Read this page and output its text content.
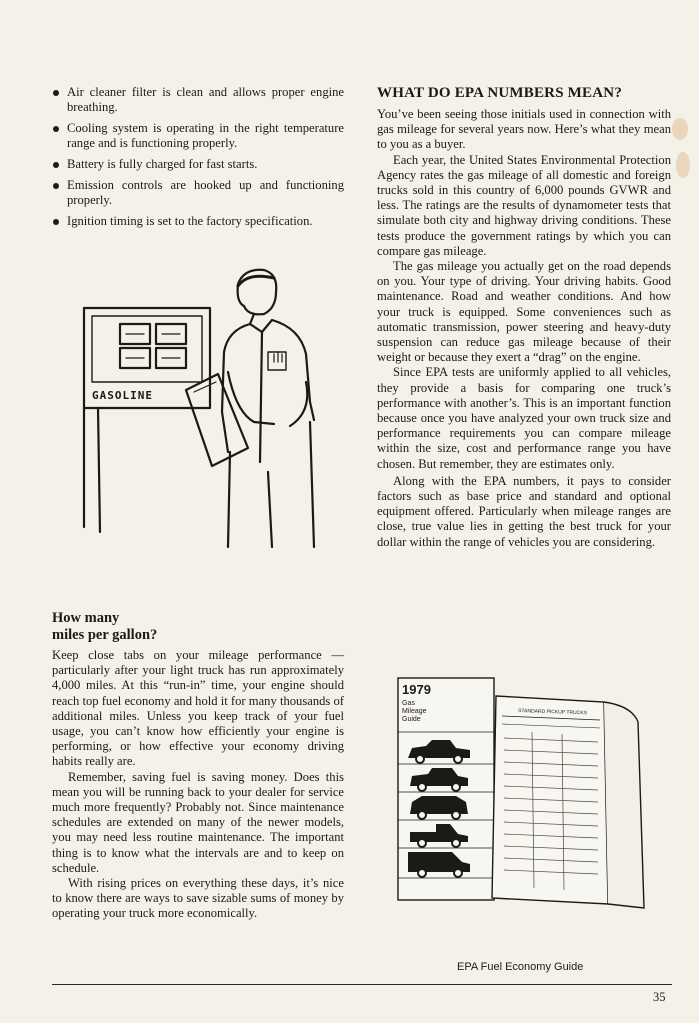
Air cleaner filter is clean and allows proper engine breathing.
Cooling system is operating in the right temperature range and is functioning properly.
Battery is fully charged for fast starts.
Emission controls are hooked up and functioning properly.
Ignition timing is set to the factory specification.
GASOLINE
How many
miles per gallon?

Keep close tabs on your mileage performance — particularly after your light truck has run approximately 4,000 miles. At this “run-in” time, your engine should reach top fuel economy and hold it for many thousands of additional miles. Unless you keep track of your fuel usage, you can’t know how efficiently your engine is performing, or how effective your economy driving habits really are.

Remember, saving fuel is saving money. Does this mean you will be running back to your dealer for service much more frequently? Probably not. Since maintenance schedules are extended on many of the newer models, you may need less routine maintenance. The important thing is to know what the intervals are and to keep on schedule.

With rising prices on everything these days, it’s nice to know there are ways to save sizable sums of money by operating your truck more economically.

WHAT DO EPA NUMBERS MEAN?

You’ve been seeing those initials used in connection with gas mileage for several years now. Here’s what they mean to you as a buyer.

Each year, the United States Environmental Protection Agency rates the gas mileage of all domestic and foreign trucks sold in this country of 6,000 pounds GVWR and less. The ratings are the results of dynamometer tests that simulate both city and highway driving conditions. These tests produce the government ratings by which you can compare gas mileage.

The gas mileage you actually get on the road depends on you. Your type of driving. Your driving habits. Good maintenance. Road and weather conditions. And how your truck is equipped. Some conveniences such as automatic transmission, power steering and heavy-duty suspension can reduce gas mileage because of their weight or because they exert a “drag” on the engine.

Since EPA tests are uniformly applied to all vehicles, they provide a basis for comparing one truck’s performance with another’s. This is an important function because once you have analyzed your own truck size and performance requirements you can compare mileage within the size, cost and performance range you have chosen. But remember, they are estimates only.

Along with the EPA numbers, it pays to consider factors such as base price and standard and optional equipment offered. Particularly when mileage ranges are close, true value lies in getting the best truck for your dollar within the range of vehicles you are considering.

1979
Gas
Mileage
Guide
STANDARD PICKUP TRUCKS
EPA Fuel Economy Guide
35
